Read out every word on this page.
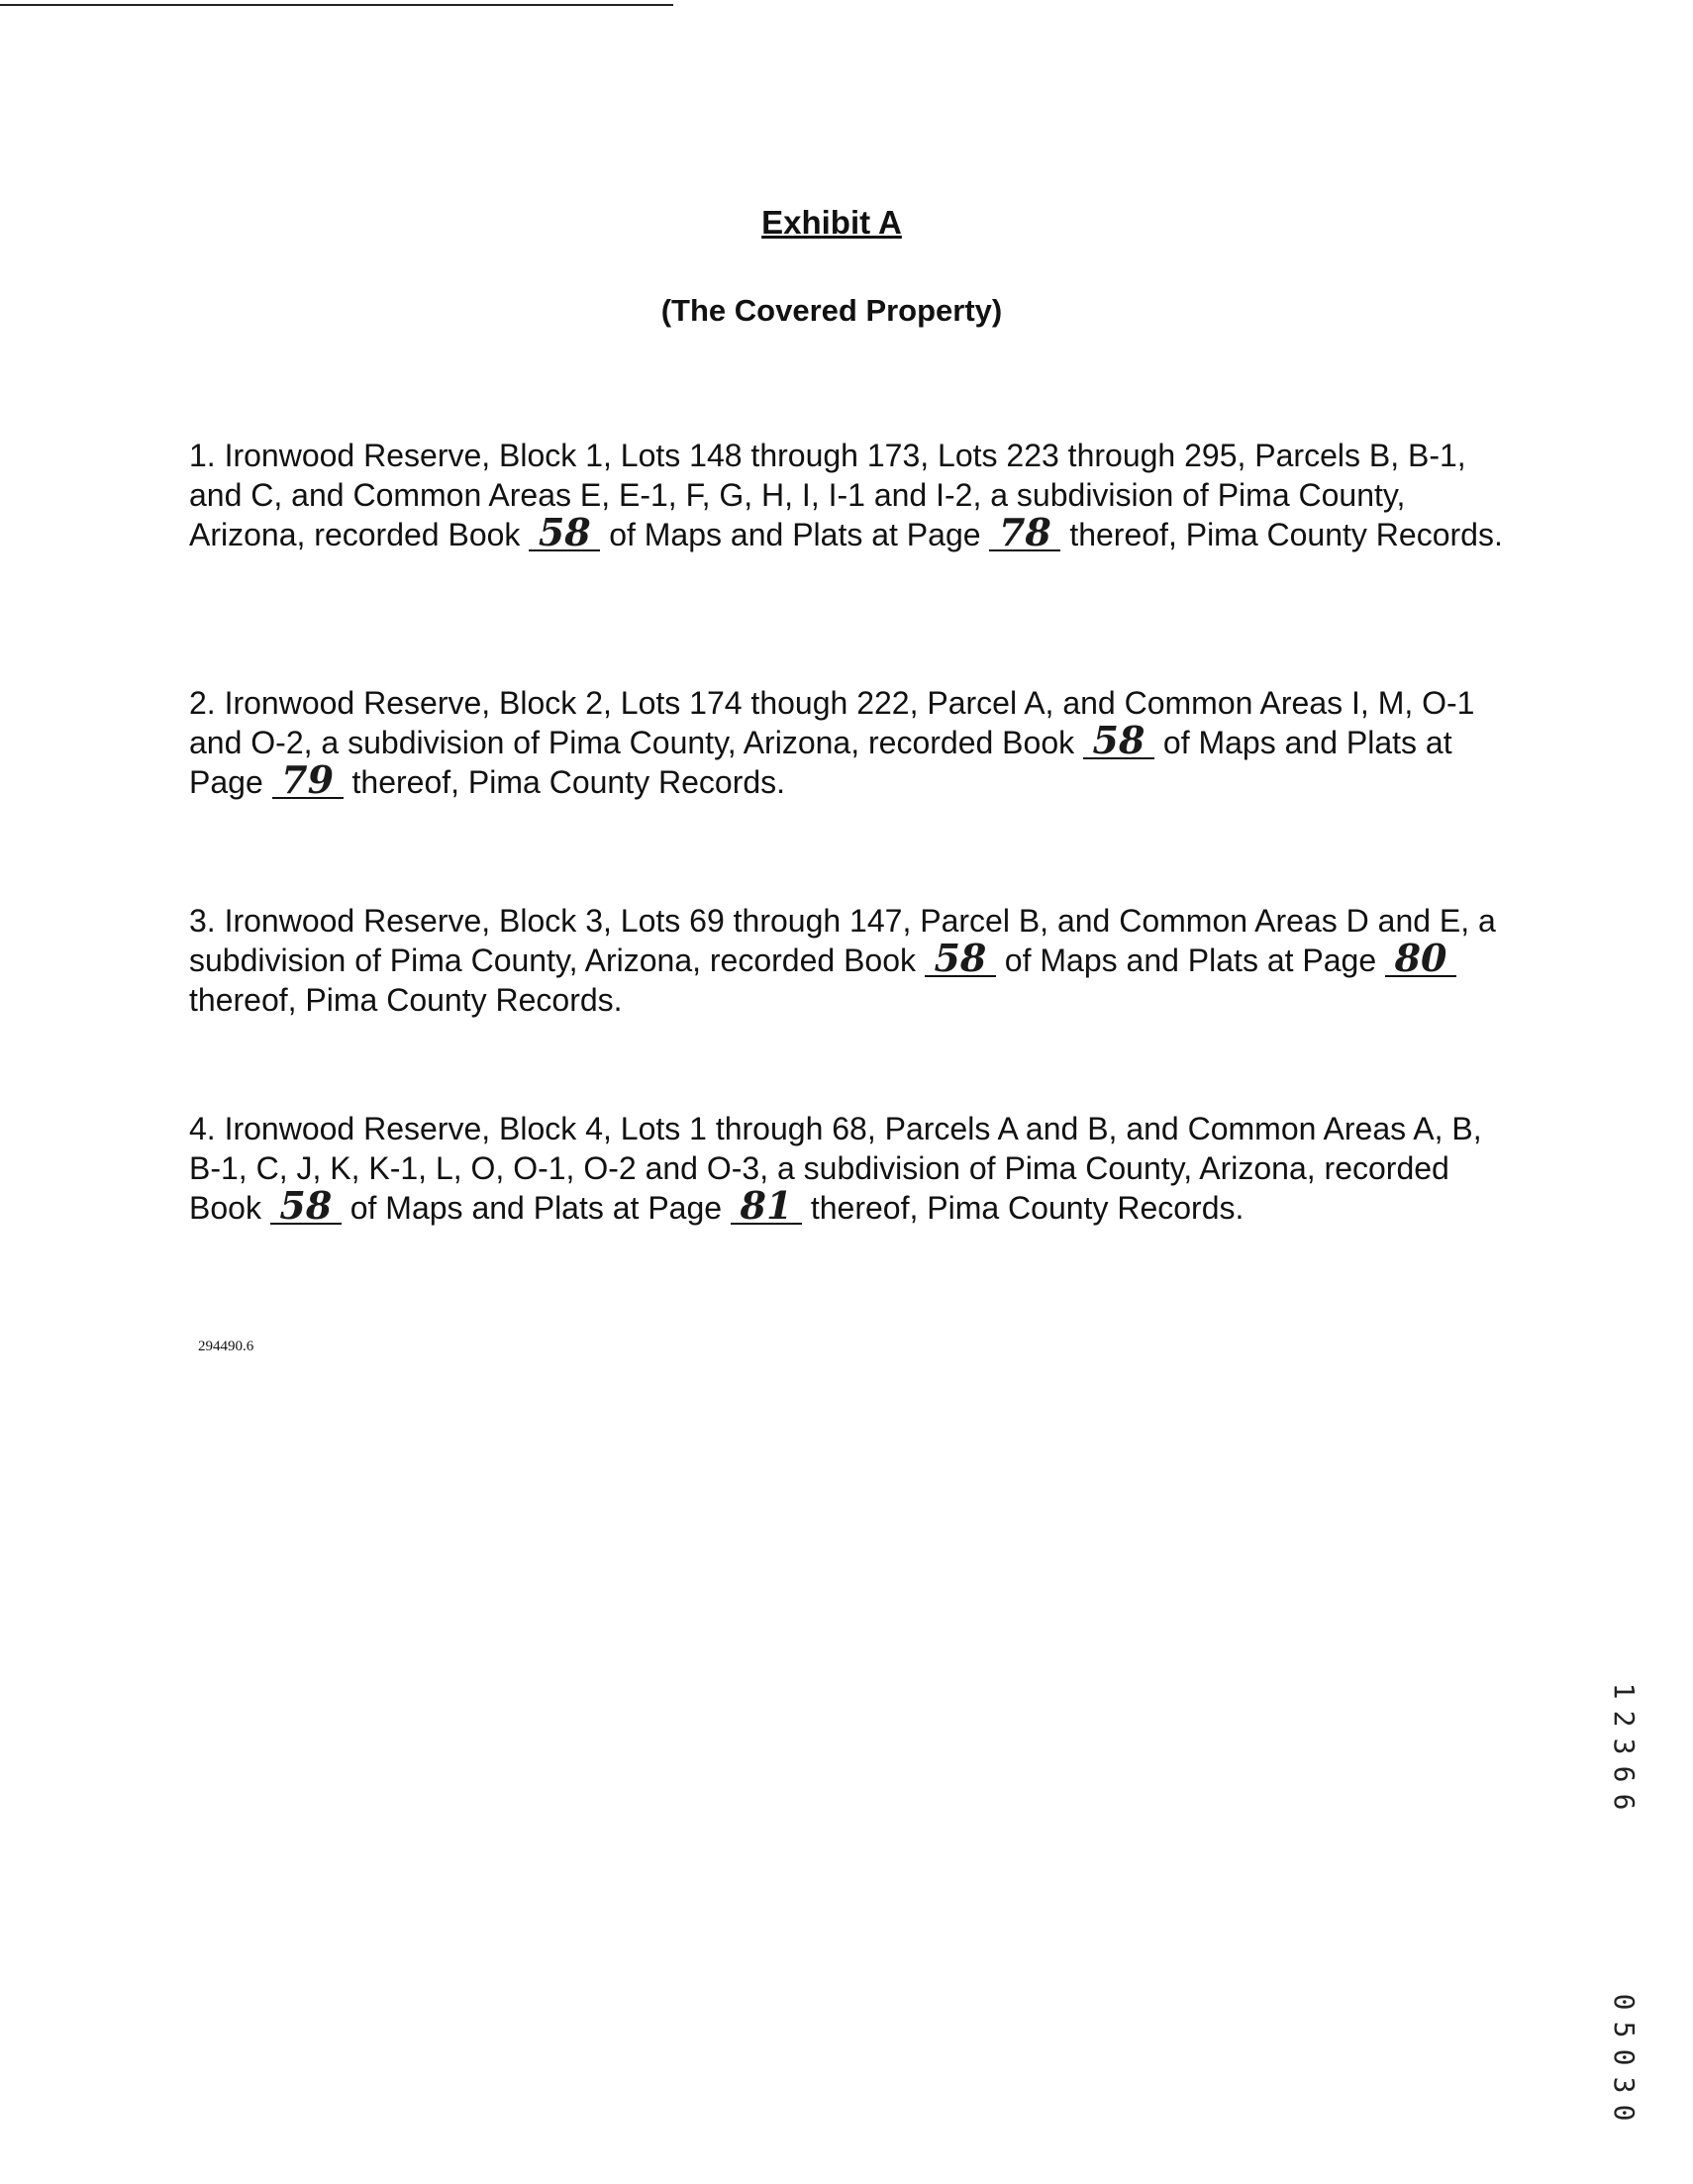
Exhibit A
(The Covered Property)
1. Ironwood Reserve, Block 1, Lots 148 through 173, Lots 223 through 295, Parcels B, B-1, and C, and Common Areas E, E-1, F, G, H, I, I-1 and I-2, a subdivision of Pima County, Arizona, recorded Book 58 of Maps and Plats at Page 78 thereof, Pima County Records.
2. Ironwood Reserve, Block 2, Lots 174 though 222, Parcel A, and Common Areas I, M, O-1 and O-2, a subdivision of Pima County, Arizona, recorded Book 58 of Maps and Plats at Page 79 thereof, Pima County Records.
3. Ironwood Reserve, Block 3, Lots 69 through 147, Parcel B, and Common Areas D and E, a subdivision of Pima County, Arizona, recorded Book 58 of Maps and Plats at Page 80 thereof, Pima County Records.
4. Ironwood Reserve, Block 4, Lots 1 through 68, Parcels A and B, and Common Areas A, B, B-1, C, J, K, K-1, L, O, O-1, O-2 and O-3, a subdivision of Pima County, Arizona, recorded Book 58 of Maps and Plats at Page 81 thereof, Pima County Records.
294490.6

1
2
3
6
6

0
5
0
3
0
